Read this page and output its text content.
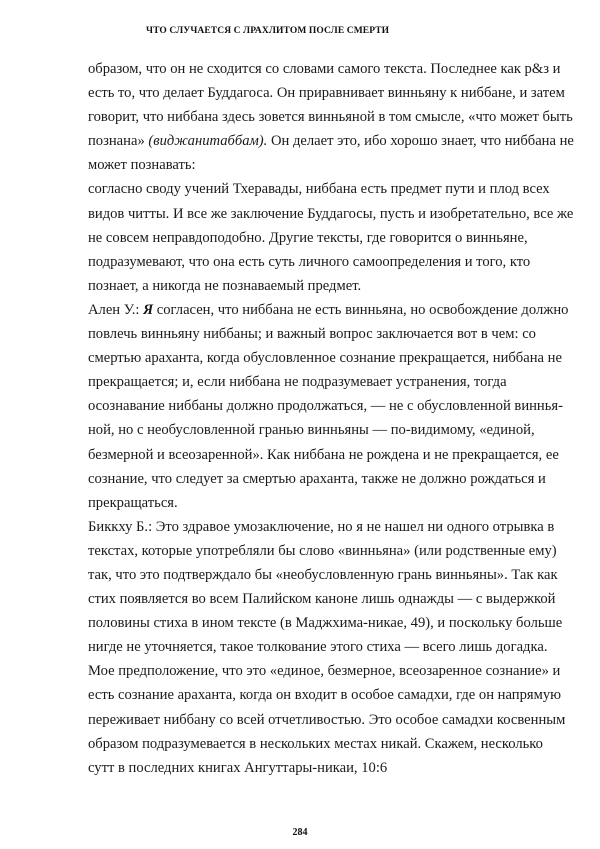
ЧТО СЛУЧАЕТСЯ С ЛРАХЛИТОМ ПОСЛЕ СМЕРТИ
образом, что он не сходится со словами самого текста. Последнее как р&з и
есть то, что делает Буддагоса. Он приравнивает винньяну к ниббане, и затем
говорит, что ниббана здесь зовется винньяной в том смысле, «что может быть
познана» (виджанитаббам). Он делает это, ибо хорошо знает, что ниббана не
может познавать:
согласно своду учений Тхеравады, ниббана есть предмет пути и плод всех
видов читты. И все же заключение Буддагосы, пусть и изобретательно, все же
не совсем неправдоподобно. Другие тексты, где говорится о винньяне,
подразумевают, что она есть суть личного самоопределения и того, кто
познает, а никогда не познаваемый предмет.
Ален У.: Я согласен, что ниббана не есть винньяна, но освобождение должно
повлечь винньяну ниббаны; и важный вопрос заключается вот в чем: со
смертью араханта, когда обусловленное сознание прекращается, ниббана не
прекращается; и, если ниббана не подразумевает устранения, тогда
осознавание ниббаны должно продолжаться, — не с обусловленной виннья-
ной, но с необусловленной гранью винньяны — по-видимому, «единой,
безмерной и всеозаренной». Как ниббана не рождена и не прекращается, ее
сознание, что следует за смертью араханта, также не должно рождаться и
прекращаться.
Биккху Б.: Это здравое умозаключение, но я не нашел ни одного отрывка в
текстах, которые употребляли бы слово «винньяна» (или родственные ему)
так, что это подтверждало бы «необусловленную грань винньяны». Так как
стих появляется во всем Палийском каноне лишь однажды — с выдержкой
половины стиха в ином тексте (в Маджхима-никае, 49), и поскольку больше
нигде не уточняется, такое толкование этого стиха — всего лишь догадка.
Мое предположение, что это «единое, безмерное, всеозаренное сознание» и
есть сознание араханта, когда он входит в особое самадхи, где он напрямую
переживает ниббану со всей отчетливостью. Это особое самадхи косвенным
образом подразумевается в нескольких местах никай. Скажем, несколько
сутт в последних книгах Ангуттары-никаи, 10:6
284
